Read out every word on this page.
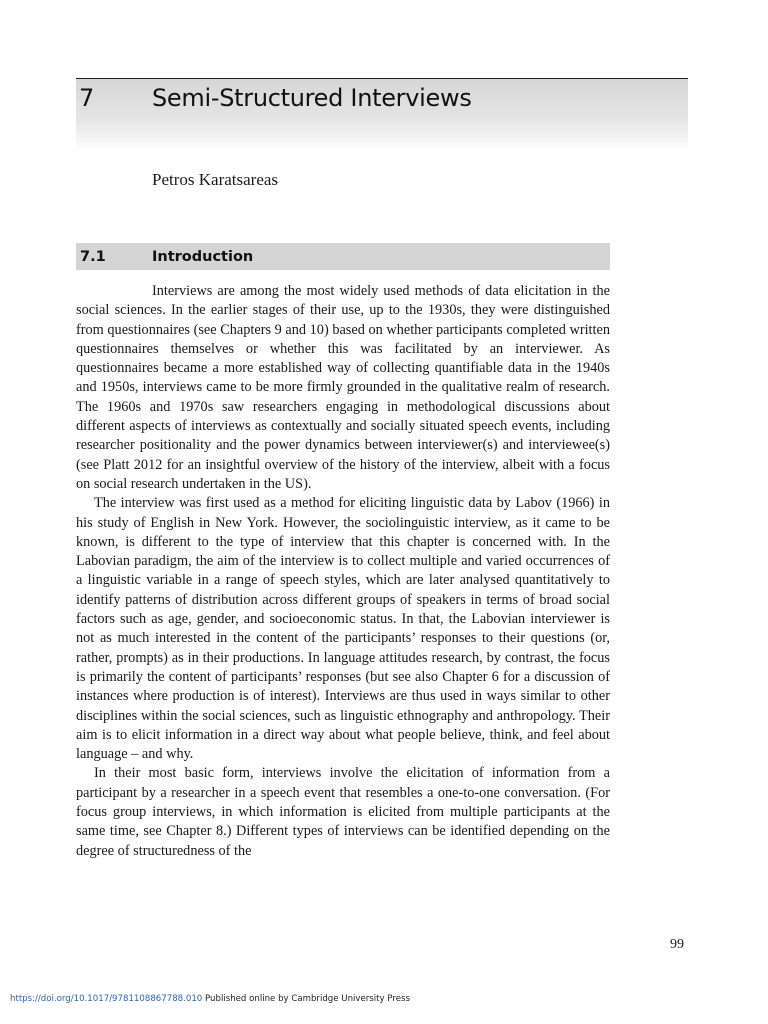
7 Semi-Structured Interviews
Petros Karatsareas
7.1	Introduction

Interviews are among the most widely used methods of data elicitation in the social sciences. In the earlier stages of their use, up to the 1930s, they were distinguished from questionnaires (see Chapters 9 and 10) based on whether participants completed written questionnaires themselves or whether this was facilitated by an interviewer. As questionnaires became a more established way of collecting quantifiable data in the 1940s and 1950s, interviews came to be more firmly grounded in the qualitative realm of research. The 1960s and 1970s saw researchers engaging in methodological discussions about different aspects of interviews as contextually and socially situated speech events, including researcher positionality and the power dynamics between interviewer(s) and interviewee(s) (see Platt 2012 for an insightful overview of the history of the interview, albeit with a focus on social research undertaken in the US).

The interview was first used as a method for eliciting linguistic data by Labov (1966) in his study of English in New York. However, the sociolinguistic interview, as it came to be known, is different to the type of interview that this chapter is concerned with. In the Labovian paradigm, the aim of the interview is to collect multiple and varied occurrences of a linguistic variable in a range of speech styles, which are later analysed quantitatively to identify patterns of distribution across different groups of speakers in terms of broad social factors such as age, gender, and socioeconomic status. In that, the Labovian interviewer is not as much interested in the content of the participants’ responses to their questions (or, rather, prompts) as in their productions. In language attitudes research, by contrast, the focus is primarily the content of participants’ responses (but see also Chapter 6 for a discussion of instances where production is of interest). Interviews are thus used in ways similar to other disciplines within the social sciences, such as linguistic ethnography and anthropology. Their aim is to elicit information in a direct way about what people believe, think, and feel about language – and why.

In their most basic form, interviews involve the elicitation of information from a participant by a researcher in a speech event that resembles a one-to-one conversation. (For focus group interviews, in which information is elicited from multiple participants at the same time, see Chapter 8.) Different types of interviews can be identified depending on the degree of structuredness of the

99
https://doi.org/10.1017/9781108867788.010 Published online by Cambridge University Press
